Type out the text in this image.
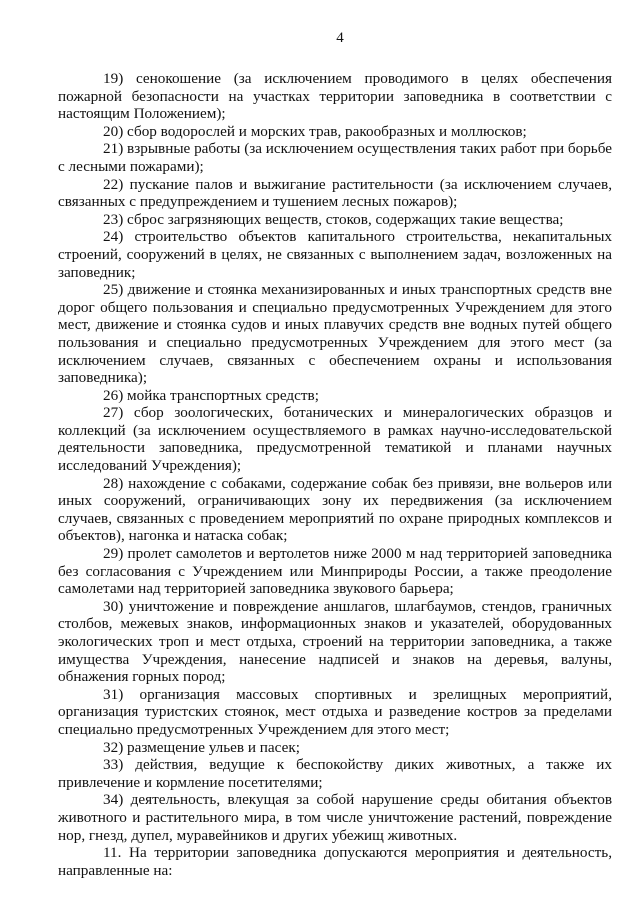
4

19) сенокошение (за исключением проводимого в целях обеспечения пожарной безопасности на участках территории заповедника в соответствии с настоящим Положением);

20) сбор водорослей и морских трав, ракообразных и моллюсков;

21) взрывные работы (за исключением осуществления таких работ при борьбе с лесными пожарами);

22) пускание палов и выжигание растительности (за исключением случаев, связанных с предупреждением и тушением лесных пожаров);

23) сброс загрязняющих веществ, стоков, содержащих такие вещества;

24) строительство объектов капитального строительства, некапитальных строений, сооружений в целях, не связанных с выполнением задач, возложенных на заповедник;

25) движение и стоянка механизированных и иных транспортных средств вне дорог общего пользования и специально предусмотренных Учреждением для этого мест, движение и стоянка судов и иных плавучих средств вне водных путей общего пользования и специально предусмотренных Учреждением для этого мест (за исключением случаев, связанных с обеспечением охраны и использования заповедника);

26) мойка транспортных средств;

27) сбор зоологических, ботанических и минералогических образцов и коллекций (за исключением осуществляемого в рамках научно-исследовательской деятельности заповедника, предусмотренной тематикой и планами научных исследований Учреждения);

28) нахождение с собаками, содержание собак без привязи, вне вольеров или иных сооружений, ограничивающих зону их передвижения (за исключением случаев, связанных с проведением мероприятий по охране природных комплексов и объектов), нагонка и натаска собак;

29) пролет самолетов и вертолетов ниже 2000 м над территорией заповедника без согласования с Учреждением или Минприроды России, а также преодоление самолетами над территорией заповедника звукового барьера;

30) уничтожение и повреждение аншлагов, шлагбаумов, стендов, граничных столбов, межевых знаков, информационных знаков и указателей, оборудованных экологических троп и мест отдыха, строений на территории заповедника, а также имущества Учреждения, нанесение надписей и знаков на деревья, валуны, обнажения горных пород;

31) организация массовых спортивных и зрелищных мероприятий, организация туристских стоянок, мест отдыха и разведение костров за пределами специально предусмотренных Учреждением для этого мест;

32) размещение ульев и пасек;

33) действия, ведущие к беспокойству диких животных, а также их привлечение и кормление посетителями;

34) деятельность, влекущая за собой нарушение среды обитания объектов животного и растительного мира, в том числе уничтожение растений, повреждение нор, гнезд, дупел, муравейников и других убежищ животных.

11. На территории заповедника допускаются мероприятия и деятельность, направленные на:
